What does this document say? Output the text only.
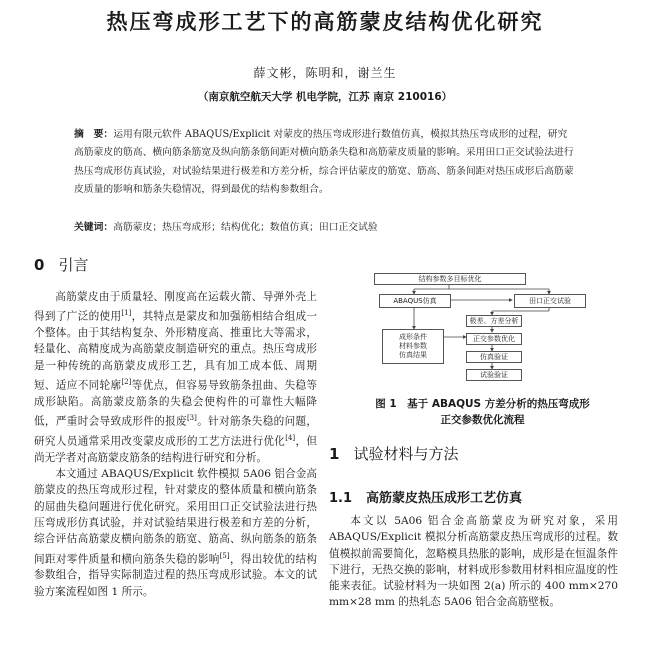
热压弯成形工艺下的高筋蒙皮结构优化研究
薛文彬，陈明和，谢兰生
（南京航空航天大学 机电学院，江苏 南京 210016）
摘　要：运用有限元软件 ABAQUS/Explicit 对蒙皮的热压弯成形进行数值仿真，模拟其热压弯成形的过程，研究高筋蒙皮的筋高、横向筋条筋宽及纵向筋条筋间距对横向筋条失稳和高筋蒙皮质量的影响。采用田口正交试验法进行热压弯成形仿真试验，对试验结果进行极差和方差分析，综合评估蒙皮的筋宽、筋高、筋条间距对热压成形后高筋蒙皮质量的影响和筋条失稳情况，得到最优的结构参数组合。
关键词：高筋蒙皮；热压弯成形；结构优化；数值仿真；田口正交试验
0 引言

高筋蒙皮由于质量轻、刚度高在运载火箭、导弹外壳上得到了广泛的使用[1]，其特点是蒙皮和加强筋相结合组成一个整体。由于其结构复杂、外形精度高、推重比大等需求，轻量化、高精度成为高筋蒙皮制造研究的重点。热压弯成形是一种传统的高筋蒙皮成形工艺，具有加工成本低、周期短、适应不同轮廓[2]等优点，但容易导致筋条扭曲、失稳等成形缺陷。高筋蒙皮筋条的失稳会使构件的可靠性大幅降低，严重时会导致成形件的报废[3]。针对筋条失稳的问题，研究人员通常采用改变蒙皮成形的工艺方法进行优化[4]，但尚无学者对高筋蒙皮筋条的结构进行研究和分析。

本文通过 ABAQUS/Explicit 软件模拟 5A06 铝合金高筋蒙皮的热压弯成形过程，针对蒙皮的整体质量和横向筋条的屈曲失稳问题进行优化研究。采用田口正交试验法进行热压弯成形仿真试验，并对试验结果进行极差和方差的分析，综合评估高筋蒙皮横向筋条的筋宽、筋高、纵向筋条的筋条间距对零件质量和横向筋条失稳的影响[5]，得出较优的结构参数组合，指导实际制造过程的热压弯成形试验。本文的试验方案流程如图 1 所示。

结构参数多目标优化
ABAQUS仿真	田口正交试验
成形条件
材料参数
仿真结果
极差、方差分析
正交参数优化
仿真验证
试验验证
图 1　基于 ABAQUS 方差分析的热压弯成形正交参数优化流程
1 试验材料与方法
1.1 高筋蒙皮热压成形工艺仿真

本文以 5A06 铝合金高筋蒙皮为研究对象，采用 ABAQUS/Explicit 模拟分析高筋蒙皮热压弯成形的过程。数值模拟前需要简化，忽略模具热胀的影响，成形是在恒温条件下进行，无热交换的影响，材料成形参数用材料相应温度的性能来表征。试验材料为一块如图 2(a) 所示的 400 mm×270 mm×28 mm 的热轧态 5A06 铝合金高筋壁板。
